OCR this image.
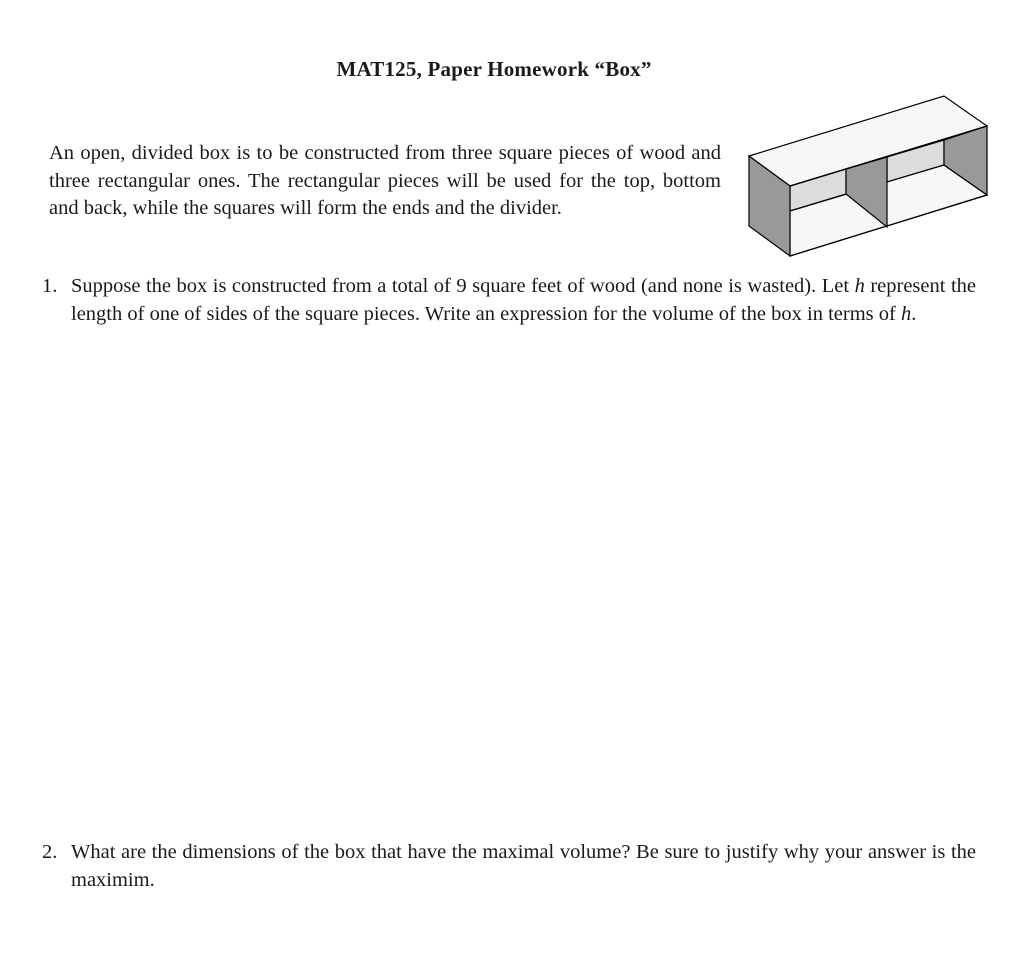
MAT125, Paper Homework “Box”
An open, divided box is to be constructed from three square pieces of wood and three rectangular ones. The rectangular pieces will be used for the top, bottom and back, while the squares will form the ends and the divider.
1. Suppose the box is constructed from a total of 9 square feet of wood (and none is wasted). Let h represent the length of one of sides of the square pieces. Write an expression for the volume of the box in terms of h.
2. What are the dimensions of the box that have the maximal volume? Be sure to justify why your answer is the maximim.
